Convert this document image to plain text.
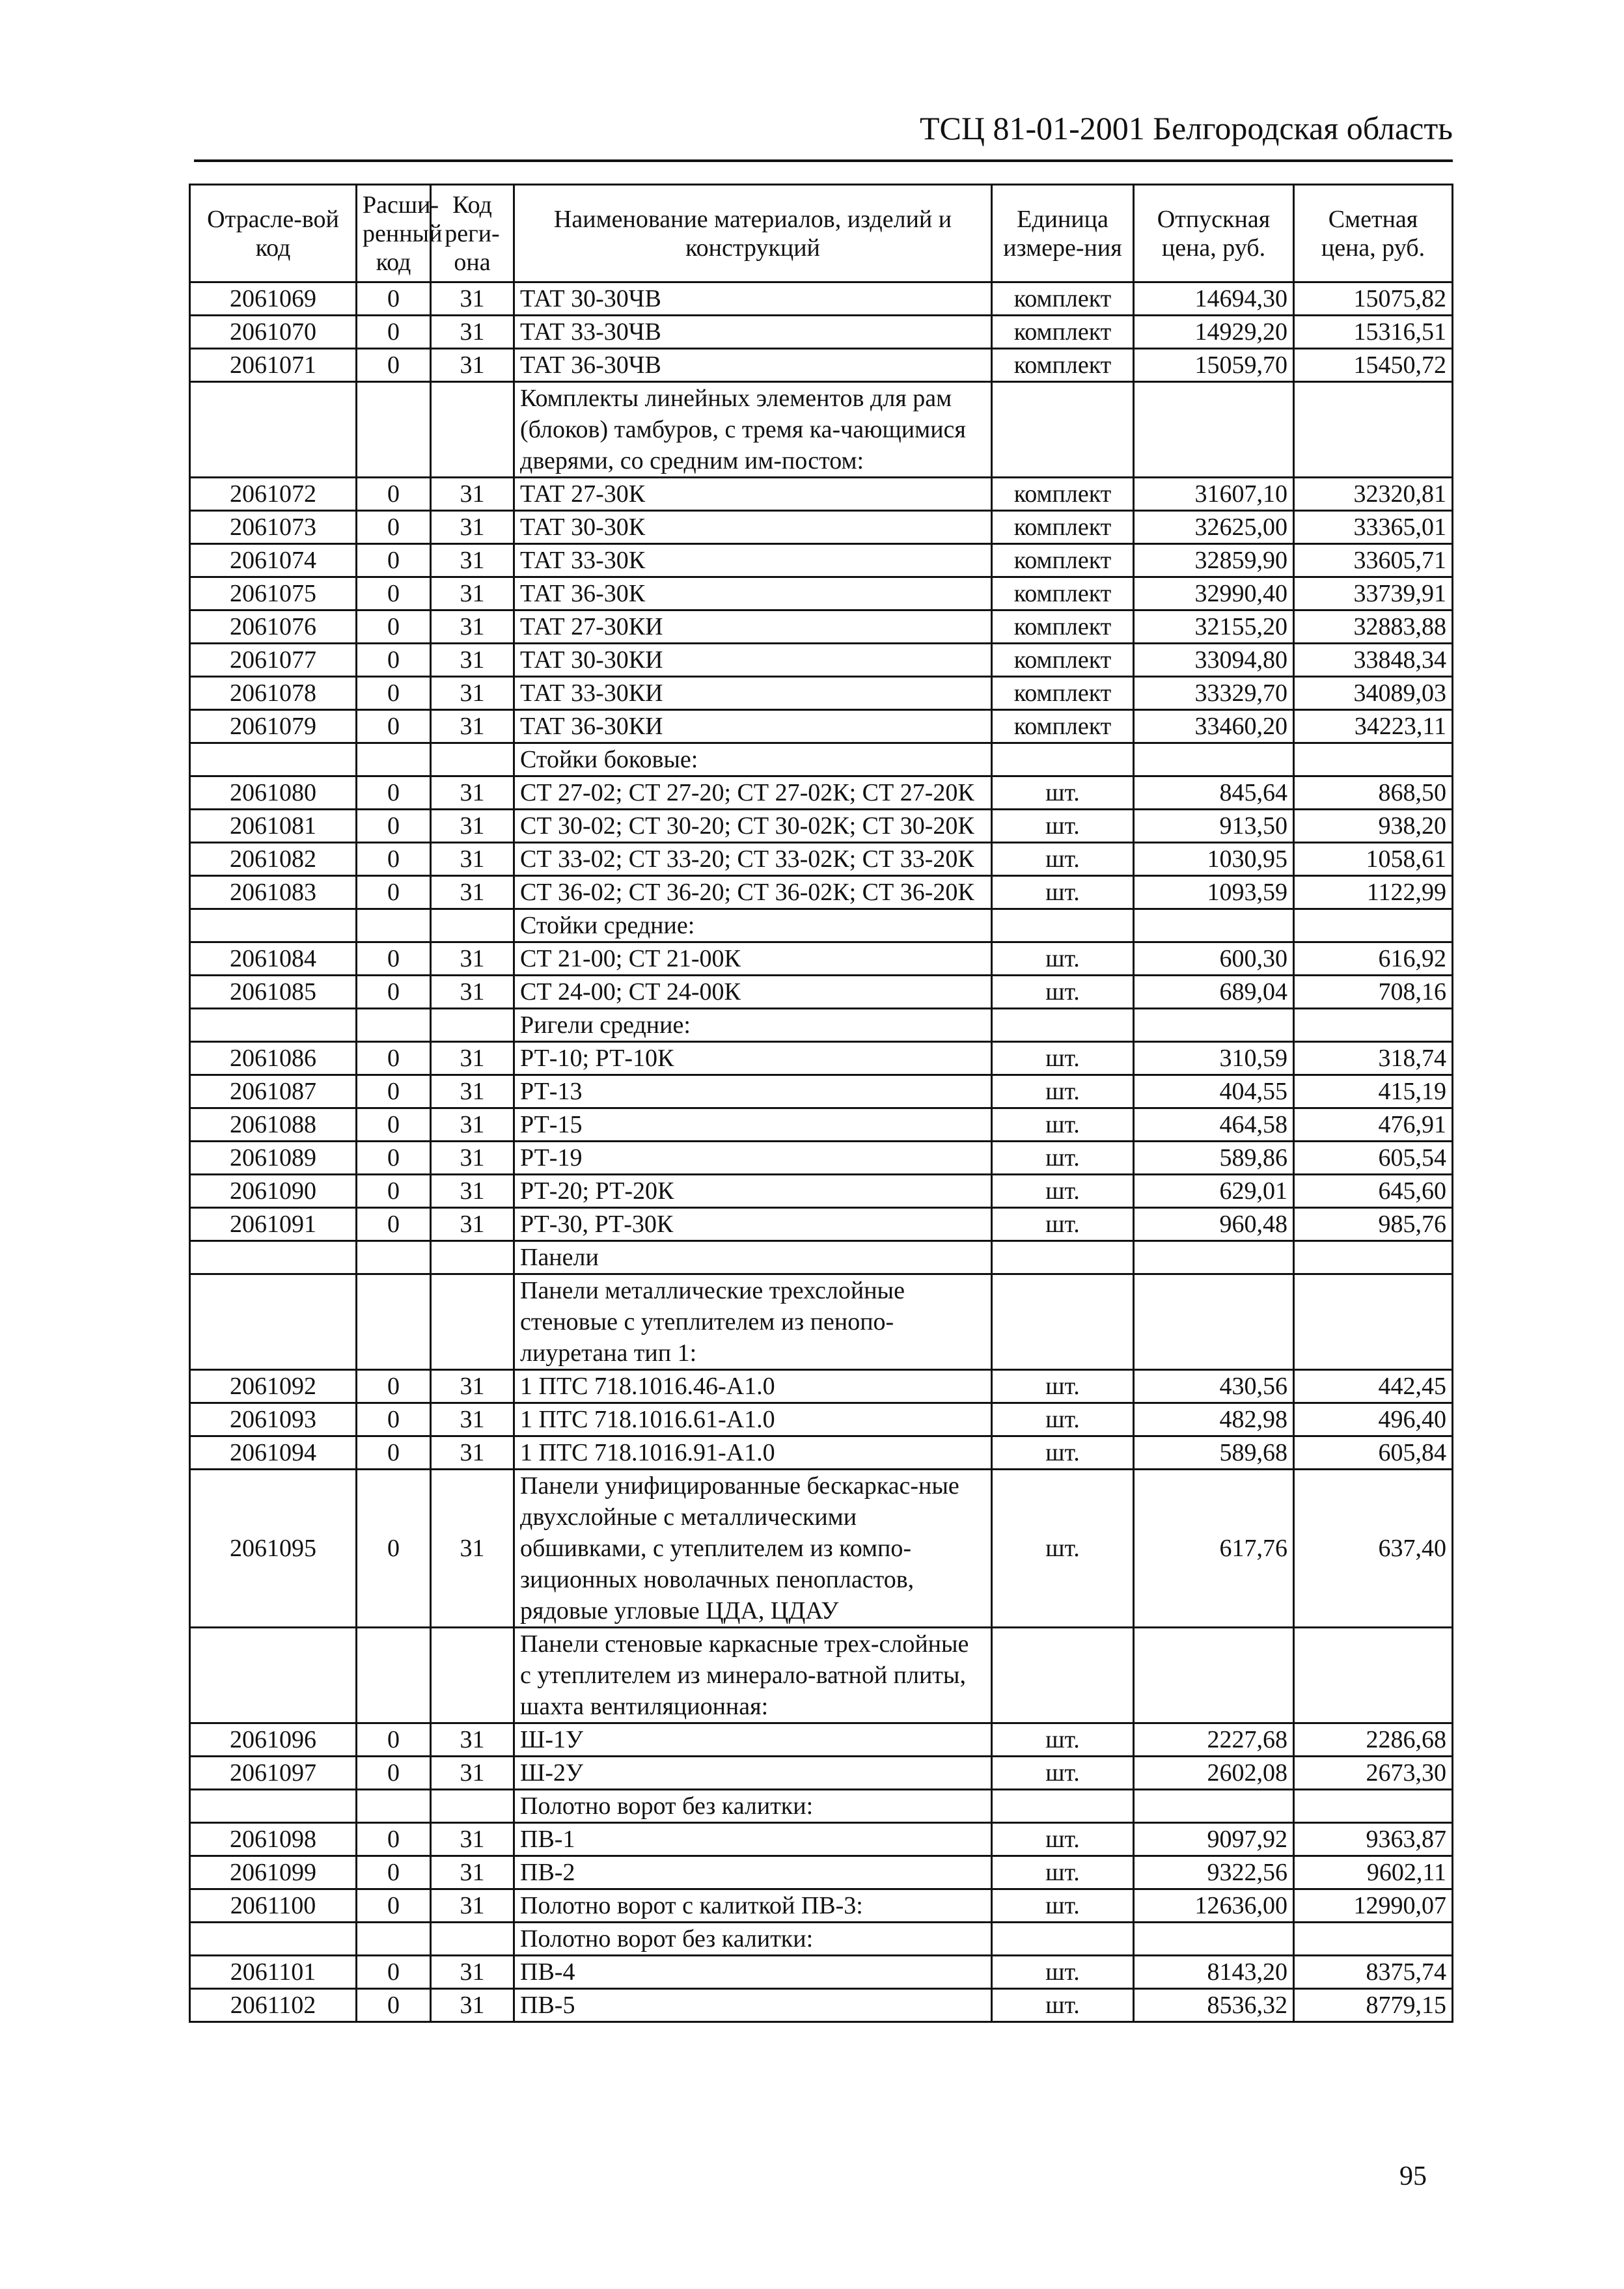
ТСЦ 81-01-2001 Белгородская область
Отрасле-вой код	Расши-ренный код	Код реги-она	Наименование материалов, изделий и конструкций	Единица измере-ния	Отпускная цена, руб.	Сметная цена, руб.
2061069	0	31	ТАТ 30-30ЧВ	комплект	14694,30	15075,82
2061070	0	31	ТАТ 33-30ЧВ	комплект	14929,20	15316,51
2061071	0	31	ТАТ 36-30ЧВ	комплект	15059,70	15450,72
			Комплекты линейных элементов для рам (блоков) тамбуров, с тремя ка-чающимися дверями, со средним им-постом:			
2061072	0	31	ТАТ 27-30К	комплект	31607,10	32320,81
2061073	0	31	ТАТ 30-30К	комплект	32625,00	33365,01
2061074	0	31	ТАТ 33-30К	комплект	32859,90	33605,71
2061075	0	31	ТАТ 36-30К	комплект	32990,40	33739,91
2061076	0	31	ТАТ 27-30КИ	комплект	32155,20	32883,88
2061077	0	31	ТАТ 30-30КИ	комплект	33094,80	33848,34
2061078	0	31	ТАТ 33-30КИ	комплект	33329,70	34089,03
2061079	0	31	ТАТ 36-30КИ	комплект	33460,20	34223,11
			Стойки боковые:			
2061080	0	31	СТ 27-02; СТ 27-20; СТ 27-02К; СТ 27-20К	шт.	845,64	868,50
2061081	0	31	СТ 30-02; СТ 30-20; СТ 30-02К; СТ 30-20К	шт.	913,50	938,20
2061082	0	31	СТ 33-02; СТ 33-20; СТ 33-02К; СТ 33-20К	шт.	1030,95	1058,61
2061083	0	31	СТ 36-02; СТ 36-20; СТ 36-02К; СТ 36-20К	шт.	1093,59	1122,99
			Стойки средние:			
2061084	0	31	СТ 21-00; СТ 21-00К	шт.	600,30	616,92
2061085	0	31	СТ 24-00; СТ 24-00К	шт.	689,04	708,16
			Ригели средние:			
2061086	0	31	РТ-10; РТ-10К	шт.	310,59	318,74
2061087	0	31	РТ-13	шт.	404,55	415,19
2061088	0	31	РТ-15	шт.	464,58	476,91
2061089	0	31	РТ-19	шт.	589,86	605,54
2061090	0	31	РТ-20; РТ-20К	шт.	629,01	645,60
2061091	0	31	РТ-30, РТ-30К	шт.	960,48	985,76
			Панели			
			Панели металлические трехслойные стеновые с утеплителем из пенопо-лиуретана тип 1:			
2061092	0	31	1 ПТС 718.1016.46-А1.0	шт.	430,56	442,45
2061093	0	31	1 ПТС 718.1016.61-А1.0	шт.	482,98	496,40
2061094	0	31	1 ПТС 718.1016.91-А1.0	шт.	589,68	605,84
2061095	0	31	Панели унифицированные бескаркас-ные двухслойные с металлическими обшивками, с утеплителем из компо-зиционных новолачных пенопластов, рядовые угловые ЦДА, ЦДАУ	шт.	617,76	637,40
			Панели стеновые каркасные трех-слойные с утеплителем из минерало-ватной плиты, шахта вентиляционная:			
2061096	0	31	Ш-1У	шт.	2227,68	2286,68
2061097	0	31	Ш-2У	шт.	2602,08	2673,30
			Полотно ворот без калитки:			
2061098	0	31	ПВ-1	шт.	9097,92	9363,87
2061099	0	31	ПВ-2	шт.	9322,56	9602,11
2061100	0	31	Полотно ворот с калиткой ПВ-3:	шт.	12636,00	12990,07
			Полотно ворот без калитки:			
2061101	0	31	ПВ-4	шт.	8143,20	8375,74
2061102	0	31	ПВ-5	шт.	8536,32	8779,15
95
